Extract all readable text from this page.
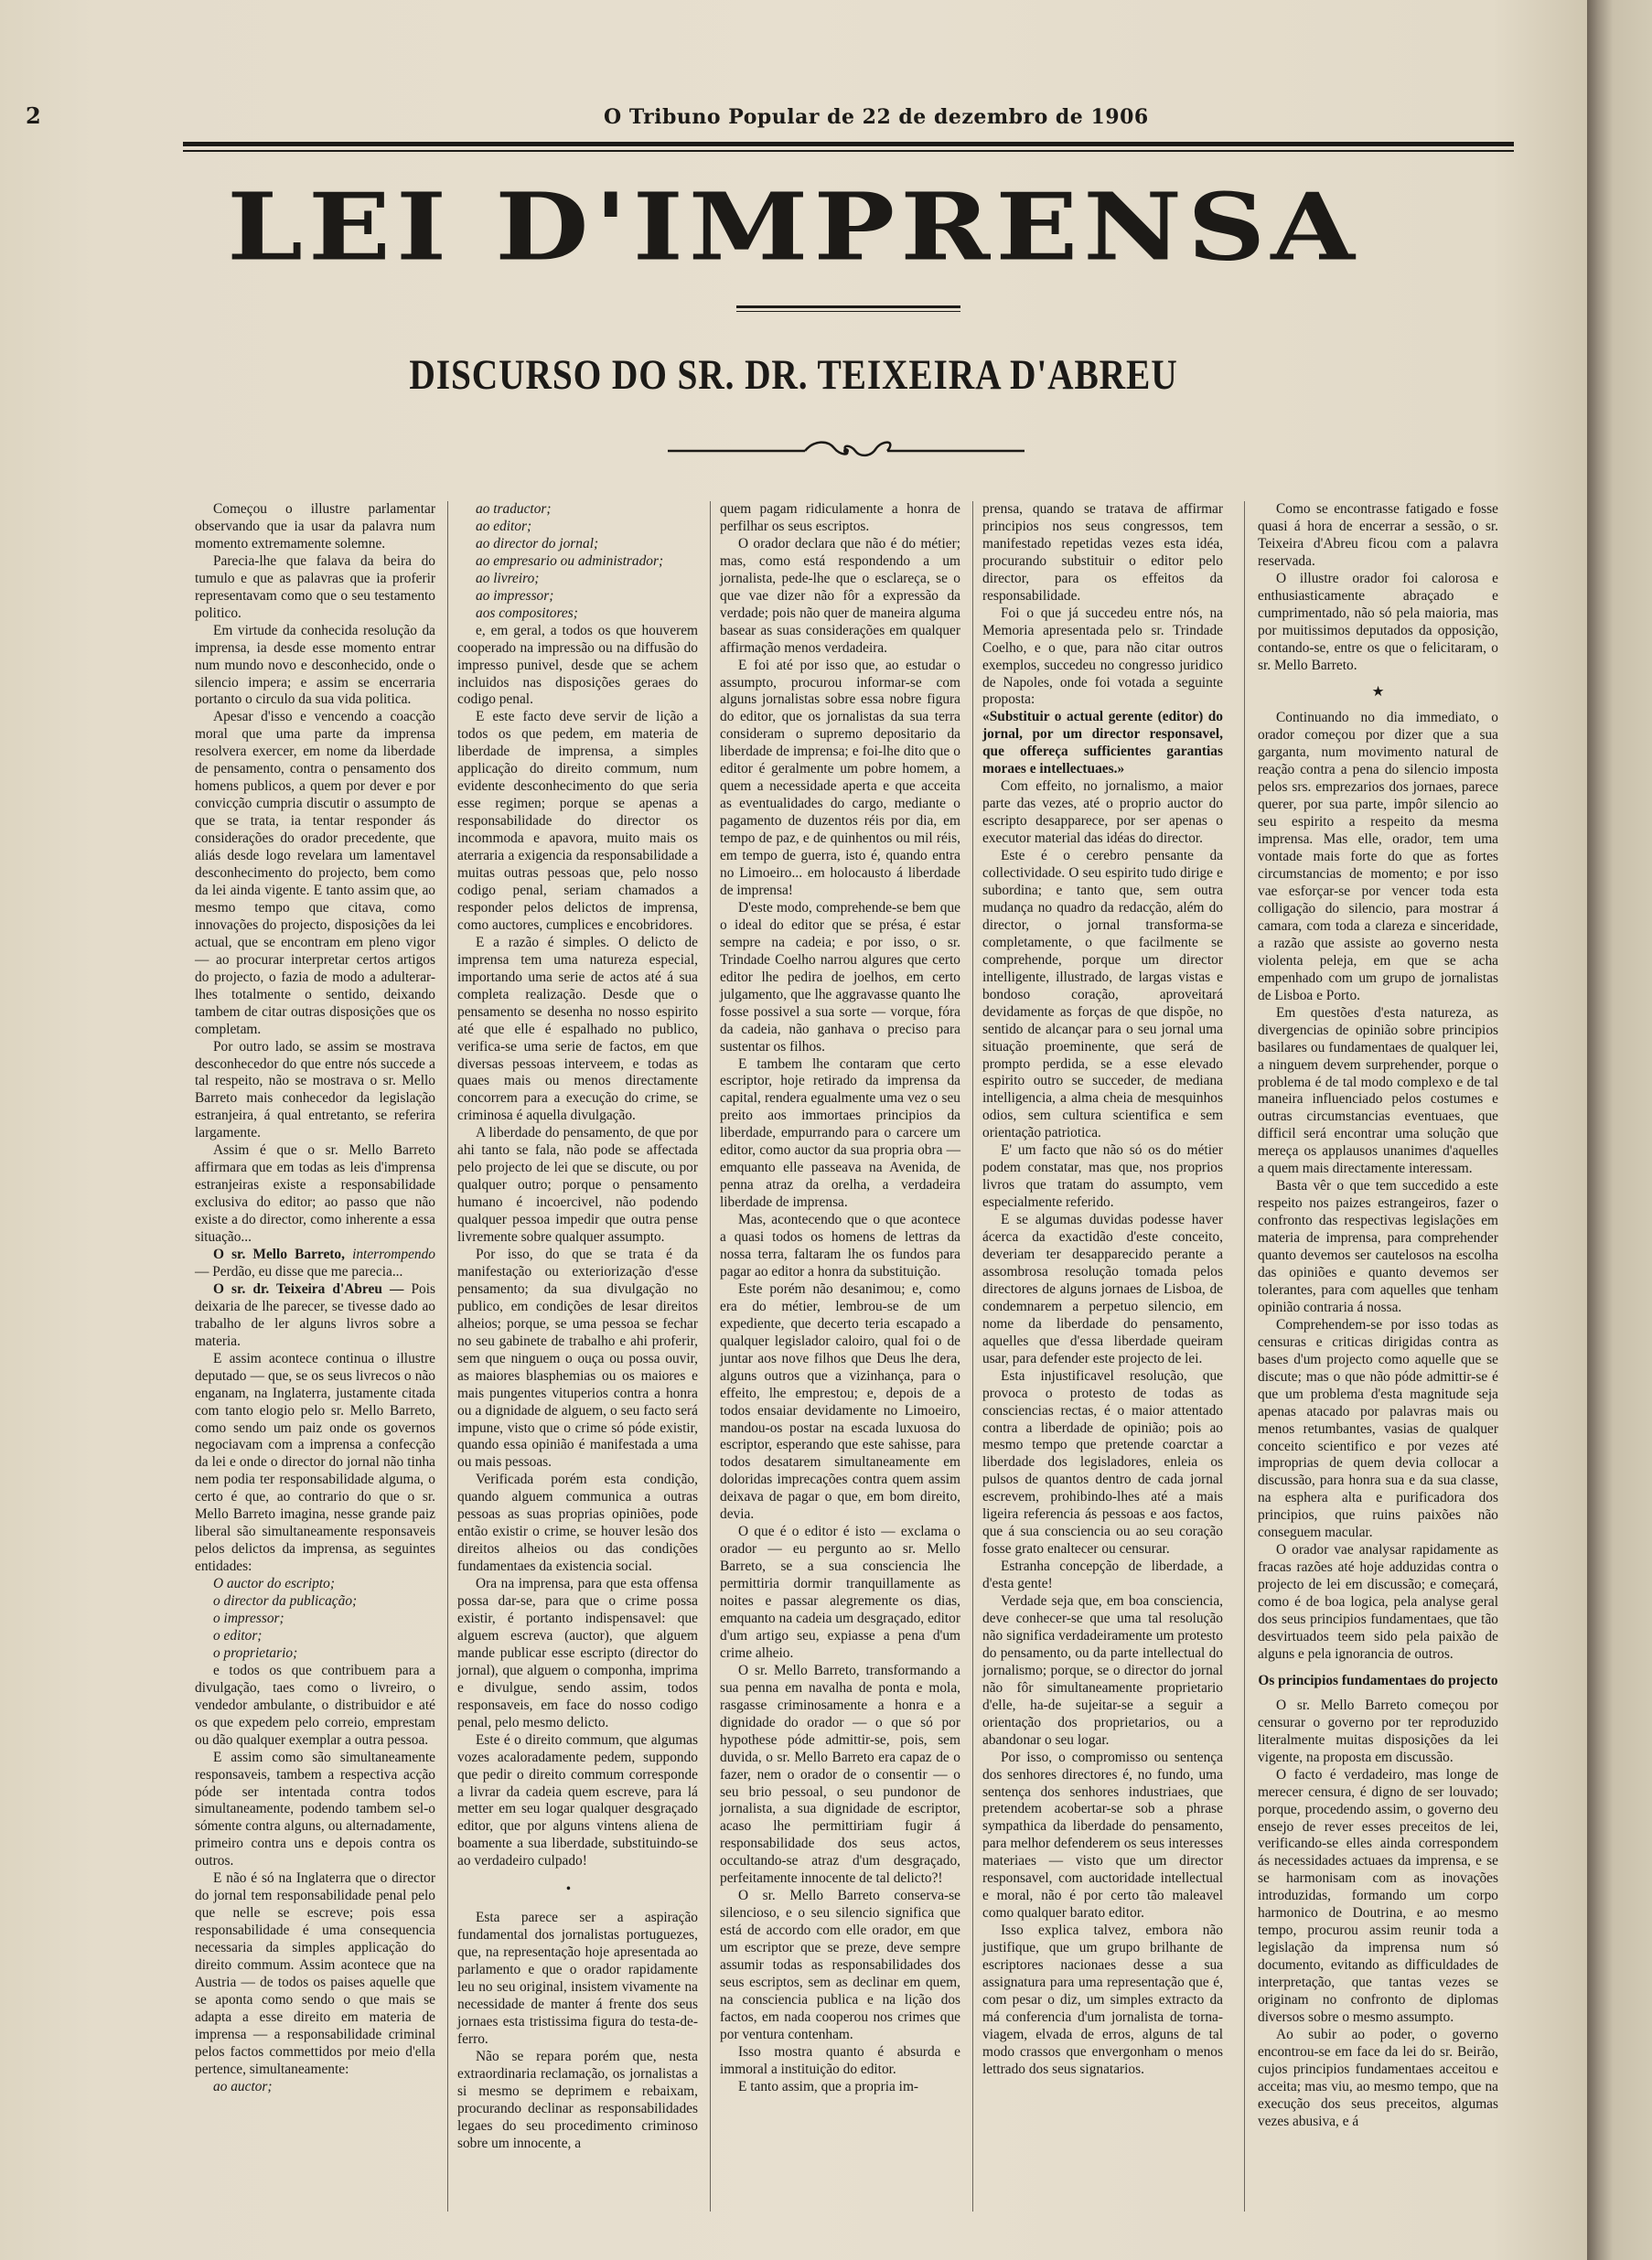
2	O Tribuno Popular de 22 de dezembro de 1906
LEI D'IMPRENSA
DISCURSO DO SR. DR. TEIXEIRA D'ABREU

Começou o illustre parlamentar observando que ia usar da palavra num momento extremamente solemne.

Parecia-lhe que falava da beira do tumulo e que as palavras que ia proferir representavam como que o seu testamento politico.

Em virtude da conhecida resolução da imprensa, ia desde esse momento entrar num mundo novo e desconhecido, onde o silencio impera; e assim se encerraria portanto o circulo da sua vida politica.

Apesar d'isso e vencendo a coacção moral que uma parte da imprensa resolvera exercer, em nome da liberdade de pensamento, contra o pensamento dos homens publicos, a quem por dever e por convicção cumpria discutir o assumpto de que se trata, ia tentar responder ás considerações do orador precedente, que aliás desde logo revelara um lamentavel desconhecimento do projecto, bem como da lei ainda vigente. E tanto assim que, ao mesmo tempo que citava, como innovações do projecto, disposições da lei actual, que se encontram em pleno vigor — ao procurar interpretar certos artigos do projecto, o fazia de modo a adulterar-lhes totalmente o sentido, deixando tambem de citar outras disposições que os completam.

Por outro lado, se assim se mostrava desconhecedor do que entre nós succede a tal respeito, não se mostrava o sr. Mello Barreto mais conhecedor da legislação estranjeira, á qual entretanto, se referira largamente.

Assim é que o sr. Mello Barreto affirmara que em todas as leis d'imprensa estranjeiras existe a responsabilidade exclusiva do editor; ao passo que não existe a do director, como inherente a essa situação...

O sr. Mello Barreto, interrompendo — Perdão, eu disse que me parecia...

O sr. dr. Teixeira d'Abreu — Pois deixaria de lhe parecer, se tivesse dado ao trabalho de ler alguns livros sobre a materia.

E assim acontece continua o illustre deputado — que, se os seus livrecos o não enganam, na Inglaterra, justamente citada com tanto elogio pelo sr. Mello Barreto, como sendo um paiz onde os governos negociavam com a imprensa a confecção da lei e onde o director do jornal não tinha nem podia ter responsabilidade alguma, o certo é que, ao contrario do que o sr. Mello Barreto imagina, nesse grande paiz liberal são simultaneamente responsaveis pelos delictos da imprensa, as seguintes entidades:

O auctor do escripto;

o director da publicação;

o impressor;

o editor;

o proprietario;

e todos os que contribuem para a divulgação, taes como o livreiro, o vendedor ambulante, o distribuidor e até os que expedem pelo correio, emprestam ou dão qualquer exemplar a outra pessoa.

E assim como são simultaneamente responsaveis, tambem a respectiva acção póde ser intentada contra todos simultaneamente, podendo tambem sel-o sómente contra alguns, ou alternadamente, primeiro contra uns e depois contra os outros.

E não é só na Inglaterra que o director do jornal tem responsabilidade penal pelo que nelle se escreve; pois essa responsabilidade é uma consequencia necessaria da simples applicação do direito commum. Assim acontece que na Austria — de todos os paises aquelle que se aponta como sendo o que mais se adapta a esse direito em materia de imprensa — a responsabilidade criminal pelos factos commettidos por meio d'ella pertence, simultaneamente:

ao auctor;

ao traductor;

ao editor;

ao director do jornal;

ao empresario ou administrador;

ao livreiro;

ao impressor;

aos compositores;

e, em geral, a todos os que houverem cooperado na impressão ou na diffusão do impresso punivel, desde que se achem incluidos nas disposições geraes do codigo penal.

E este facto deve servir de lição a todos os que pedem, em materia de liberdade de imprensa, a simples applicação do direito commum, num evidente desconhecimento do que seria esse regimen; porque se apenas a responsabilidade do director os incommoda e apavora, muito mais os aterraria a exigencia da responsabilidade a muitas outras pessoas que, pelo nosso codigo penal, seriam chamados a responder pelos delictos de imprensa, como auctores, cumplices e encobridores.

E a razão é simples. O delicto de imprensa tem uma natureza especial, importando uma serie de actos até á sua completa realização. Desde que o pensamento se desenha no nosso espirito até que elle é espalhado no publico, verifica-se uma serie de factos, em que diversas pessoas interveem, e todas as quaes mais ou menos directamente concorrem para a execução do crime, se criminosa é aquella divulgação.

A liberdade do pensamento, de que por ahi tanto se fala, não pode se affectada pelo projecto de lei que se discute, ou por qualquer outro; porque o pensamento humano é incoercivel, não podendo qualquer pessoa impedir que outra pense livremente sobre qualquer assumpto.

Por isso, do que se trata é da manifestação ou exteriorização d'esse pensamento; da sua divulgação no publico, em condições de lesar direitos alheios; porque, se uma pessoa se fechar no seu gabinete de trabalho e ahi proferir, sem que ninguem o ouça ou possa ouvir, as maiores blasphemias ou os maiores e mais pungentes vituperios contra a honra ou a dignidade de alguem, o seu facto será impune, visto que o crime só póde existir, quando essa opinião é manifestada a uma ou mais pessoas.

Verificada porém esta condição, quando alguem communica a outras pessoas as suas proprias opiniões, pode então existir o crime, se houver lesão dos direitos alheios ou das condições fundamentaes da existencia social.

Ora na imprensa, para que esta offensa possa dar-se, para que o crime possa existir, é portanto indispensavel: que alguem escreva (auctor), que alguem mande publicar esse escripto (director do jornal), que alguem o componha, imprima e divulgue, sendo assim, todos responsaveis, em face do nosso codigo penal, pelo mesmo delicto.

Este é o direito commum, que algumas vozes acaloradamente pedem, suppondo que pedir o direito commum corresponde a livrar da cadeia quem escreve, para lá metter em seu logar qualquer desgraçado editor, que por alguns vintens aliena de boamente a sua liberdade, substituindo-se ao verdadeiro culpado!

•

Esta parece ser a aspiração fundamental dos jornalistas portuguezes, que, na representação hoje apresentada ao parlamento e que o orador rapidamente leu no seu original, insistem vivamente na necessidade de manter á frente dos seus jornaes esta tristissima figura do testa-de-ferro.

Não se repara porém que, nesta extraordinaria reclamação, os jornalistas a si mesmo se deprimem e rebaixam, procurando declinar as responsabilidades legaes do seu procedimento criminoso sobre um innocente, a

quem pagam ridiculamente a honra de perfilhar os seus escriptos.

O orador declara que não é do métier; mas, como está respondendo a um jornalista, pede-lhe que o esclareça, se o que vae dizer não fôr a expressão da verdade; pois não quer de maneira alguma basear as suas considerações em qualquer affirmação menos verdadeira.

E foi até por isso que, ao estudar o assumpto, procurou informar-se com alguns jornalistas sobre essa nobre figura do editor, que os jornalistas da sua terra consideram o supremo depositario da liberdade de imprensa; e foi-lhe dito que o editor é geralmente um pobre homem, a quem a necessidade aperta e que acceita as eventualidades do cargo, mediante o pagamento de duzentos réis por dia, em tempo de paz, e de quinhentos ou mil réis, em tempo de guerra, isto é, quando entra no Limoeiro... em holocausto á liberdade de imprensa!

D'este modo, comprehende-se bem que o ideal do editor que se présa, é estar sempre na cadeia; e por isso, o sr. Trindade Coelho narrou algures que certo editor lhe pedira de joelhos, em certo julgamento, que lhe aggravasse quanto lhe fosse possivel a sua sorte — vorque, fóra da cadeia, não ganhava o preciso para sustentar os filhos.

E tambem lhe contaram que certo escriptor, hoje retirado da imprensa da capital, rendera egualmente uma vez o seu preito aos immortaes principios da liberdade, empurrando para o carcere um editor, como auctor da sua propria obra — emquanto elle passeava na Avenida, de penna atraz da orelha, a verdadeira liberdade de imprensa.

Mas, acontecendo que o que acontece a quasi todos os homens de lettras da nossa terra, faltaram lhe os fundos para pagar ao editor a honra da substituição.

Este porém não desanimou; e, como era do métier, lembrou-se de um expediente, que decerto teria escapado a qualquer legislador caloiro, qual foi o de juntar aos nove filhos que Deus lhe dera, alguns outros que a vizinhança, para o effeito, lhe emprestou; e, depois de a todos ensaiar devidamente no Limoeiro, mandou-os postar na escada luxuosa do escriptor, esperando que este sahisse, para todos desatarem simultaneamente em doloridas imprecações contra quem assim deixava de pagar o que, em bom direito, devia.

O que é o editor é isto — exclama o orador — eu pergunto ao sr. Mello Barreto, se a sua consciencia lhe permittiria dormir tranquillamente as noites e passar alegremente os dias, emquanto na cadeia um desgraçado, editor d'um artigo seu, expiasse a pena d'um crime alheio.

O sr. Mello Barreto, transformando a sua penna em navalha de ponta e mola, rasgasse criminosamente a honra e a dignidade do orador — o que só por hypothese póde admittir-se, pois, sem duvida, o sr. Mello Barreto era capaz de o fazer, nem o orador de o consentir — o seu brio pessoal, o seu pundonor de jornalista, a sua dignidade de escriptor, acaso lhe permittiriam fugir á responsabilidade dos seus actos, occultando-se atraz d'um desgraçado, perfeitamente innocente de tal delicto?!

O sr. Mello Barreto conserva-se silencioso, e o seu silencio significa que está de accordo com elle orador, em que um escriptor que se preze, deve sempre assumir todas as responsabilidades dos seus escriptos, sem as declinar em quem, na consciencia publica e na lição dos factos, em nada cooperou nos crimes que por ventura contenham.

Isso mostra quanto é absurda e immoral a instituição do editor.

E tanto assim, que a propria im-

prensa, quando se tratava de affirmar principios nos seus congressos, tem manifestado repetidas vezes esta idéa, procurando substituir o editor pelo director, para os effeitos da responsabilidade.

Foi o que já succedeu entre nós, na Memoria apresentada pelo sr. Trindade Coelho, e o que, para não citar outros exemplos, succedeu no congresso juridico de Napoles, onde foi votada a seguinte proposta:

«Substituir o actual gerente (editor) do jornal, por um director responsavel, que offereça sufficientes garantias moraes e intellectuaes.»

Com effeito, no jornalismo, a maior parte das vezes, até o proprio auctor do escripto desapparece, por ser apenas o executor material das idéas do director.

Este é o cerebro pensante da collectividade. O seu espirito tudo dirige e subordina; e tanto que, sem outra mudança no quadro da redacção, além do director, o jornal transforma-se completamente, o que facilmente se comprehende, porque um director intelligente, illustrado, de largas vistas e bondoso coração, aproveitará devidamente as forças de que dispõe, no sentido de alcançar para o seu jornal uma situação proeminente, que será de prompto perdida, se a esse elevado espirito outro se succeder, de mediana intelligencia, a alma cheia de mesquinhos odios, sem cultura scientifica e sem orientação patriotica.

E' um facto que não só os do métier podem constatar, mas que, nos proprios livros que tratam do assumpto, vem especialmente referido.

E se algumas duvidas podesse haver ácerca da exactidão d'este conceito, deveriam ter desapparecido perante a assombrosa resolução tomada pelos directores de alguns jornaes de Lisboa, de condemnarem a perpetuo silencio, em nome da liberdade do pensamento, aquelles que d'essa liberdade queiram usar, para defender este projecto de lei.

Esta injustificavel resolução, que provoca o protesto de todas as consciencias rectas, é o maior attentado contra a liberdade de opinião; pois ao mesmo tempo que pretende coarctar a liberdade dos legisladores, enleia os pulsos de quantos dentro de cada jornal escrevem, prohibindo-lhes até a mais ligeira referencia ás pessoas e aos factos, que á sua consciencia ou ao seu coração fosse grato enaltecer ou censurar.

Estranha concepção de liberdade, a d'esta gente!

Verdade seja que, em boa consciencia, deve conhecer-se que uma tal resolução não significa verdadeiramente um protesto do pensamento, ou da parte intellectual do jornalismo; porque, se o director do jornal não fôr simultaneamente proprietario d'elle, ha-de sujeitar-se a seguir a orientação dos proprietarios, ou a abandonar o seu logar.

Por isso, o compromisso ou sentença dos senhores directores é, no fundo, uma sentença dos senhores industriaes, que pretendem acobertar-se sob a phrase sympathica da liberdade do pensamento, para melhor defenderem os seus interesses materiaes — visto que um director responsavel, com auctoridade intellectual e moral, não é por certo tão maleavel como qualquer barato editor.

Isso explica talvez, embora não justifique, que um grupo brilhante de escriptores nacionaes desse a sua assignatura para uma representação que é, com pesar o diz, um simples extracto da má conferencia d'um jornalista de torna-viagem, elvada de erros, alguns de tal modo crassos que envergonham o menos lettrado dos seus signatarios.

Como se encontrasse fatigado e fosse quasi á hora de encerrar a sessão, o sr. Teixeira d'Abreu ficou com a palavra reservada.

O illustre orador foi calorosa e enthusiasticamente abraçado e cumprimentado, não só pela maioria, mas por muitissimos deputados da opposição, contando-se, entre os que o felicitaram, o sr. Mello Barreto.

★

Continuando no dia immediato, o orador começou por dizer que a sua garganta, num movimento natural de reação contra a pena do silencio imposta pelos srs. emprezarios dos jornaes, parece querer, por sua parte, impôr silencio ao seu espirito a respeito da mesma imprensa. Mas elle, orador, tem uma vontade mais forte do que as fortes circumstancias de momento; e por isso vae esforçar-se por vencer toda esta colligação do silencio, para mostrar á camara, com toda a clareza e sinceridade, a razão que assiste ao governo nesta violenta peleja, em que se acha empenhado com um grupo de jornalistas de Lisboa e Porto.

Em questões d'esta natureza, as divergencias de opinião sobre principios basilares ou fundamentaes de qualquer lei, a ninguem devem surprehender, porque o problema é de tal modo complexo e de tal maneira influenciado pelos costumes e outras circumstancias eventuaes, que difficil será encontrar uma solução que mereça os applausos unanimes d'aquelles a quem mais directamente interessam.

Basta vêr o que tem succedido a este respeito nos paizes estrangeiros, fazer o confronto das respectivas legislações em materia de imprensa, para comprehender quanto devemos ser cautelosos na escolha das opiniões e quanto devemos ser tolerantes, para com aquelles que tenham opinião contraria á nossa.

Comprehendem-se por isso todas as censuras e criticas dirigidas contra as bases d'um projecto como aquelle que se discute; mas o que não póde admittir-se é que um problema d'esta magnitude seja apenas atacado por palavras mais ou menos retumbantes, vasias de qualquer conceito scientifico e por vezes até improprias de quem devia collocar a discussão, para honra sua e da sua classe, na esphera alta e purificadora dos principios, que ruins paixões não conseguem macular.

O orador vae analysar rapidamente as fracas razões até hoje adduzidas contra o projecto de lei em discussão; e começará, como é de boa logica, pela analyse geral dos seus principios fundamentaes, que tão desvirtuados teem sido pela paixão de alguns e pela ignorancia de outros.

Os principios fundamentaes do projecto

O sr. Mello Barreto começou por censurar o governo por ter reproduzido literalmente muitas disposições da lei vigente, na proposta em discussão.

O facto é verdadeiro, mas longe de merecer censura, é digno de ser louvado; porque, procedendo assim, o governo deu ensejo de rever esses preceitos de lei, verificando-se elles ainda correspondem ás necessidades actuaes da imprensa, e se se harmonisam com as inovações introduzidas, formando um corpo harmonico de Doutrina, e ao mesmo tempo, procurou assim reunir toda a legislação da imprensa num só documento, evitando as difficuldades de interpretação, que tantas vezes se originam no confronto de diplomas diversos sobre o mesmo assumpto.

Ao subir ao poder, o governo encontrou-se em face da lei do sr. Beirão, cujos principios fundamentaes acceitou e acceita; mas viu, ao mesmo tempo, que na execução dos seus preceitos, algumas vezes abusiva, e á
